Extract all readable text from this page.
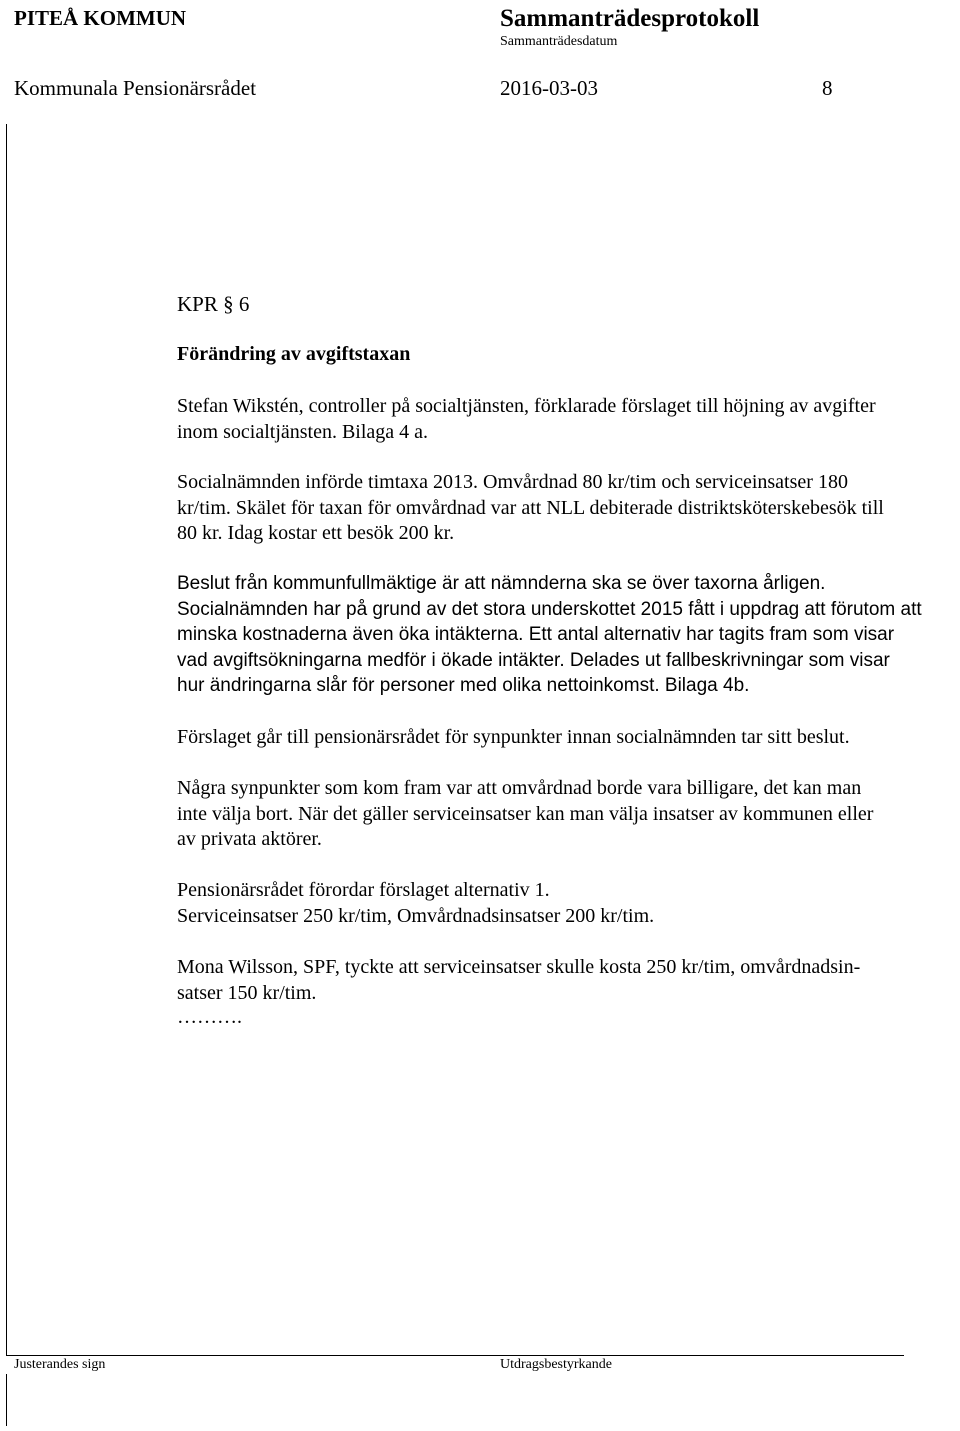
PITEÅ KOMMUN	Sammanträdesprotokoll
Sammanträdesdatum
Kommunala Pensionärsrådet	2016-03-03	8
KPR § 6
Förändring av avgiftstaxan
Stefan Wikstén, controller på socialtjänsten, förklarade förslaget till höjning av avgifter
inom socialtjänsten. Bilaga 4 a.
Socialnämnden införde timtaxa 2013. Omvårdnad 80 kr/tim och serviceinsatser 180
kr/tim. Skälet för taxan för omvårdnad var att NLL debiterade distriktsköterskebesök till
80 kr. Idag kostar ett besök 200 kr.
Beslut från kommunfullmäktige är att nämnderna ska se över taxorna årligen.
Socialnämnden har på grund av det stora underskottet 2015 fått i uppdrag att förutom att
minska kostnaderna även öka intäkterna. Ett antal alternativ har tagits fram som visar
vad avgiftsökningarna medför i ökade intäkter. Delades ut fallbeskrivningar som visar
hur ändringarna slår för personer med olika nettoinkomst. Bilaga 4b.
Förslaget går till pensionärsrådet för synpunkter innan socialnämnden tar sitt beslut.
Några synpunkter som kom fram var att omvårdnad borde vara billigare, det kan man
inte välja bort. När det gäller serviceinsatser kan man välja insatser av kommunen eller
av privata aktörer.
Pensionärsrådet förordar förslaget alternativ 1.
Serviceinsatser 250 kr/tim, Omvårdnadsinsatser 200 kr/tim.
Mona Wilsson, SPF, tyckte att serviceinsatser skulle kosta 250 kr/tim, omvårdnadsin-
satser 150 kr/tim.
……….
Justerandes sign	Utdragsbestyrkande
